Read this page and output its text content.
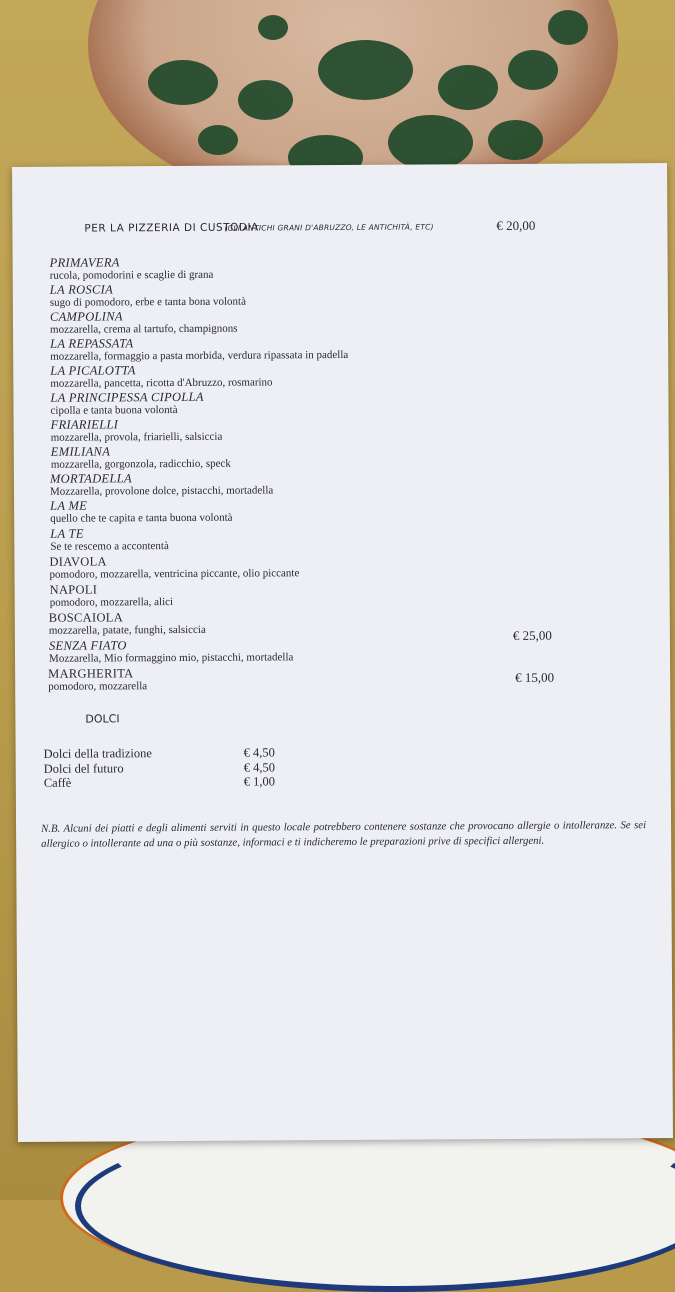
PER LA PIZZERIA DI CUSTODIA
(GLI ANTICHI GRANI D'ABRUZZO, LE ANTICHITÀ, ETC)	€ 20,00
PRIMAVERA
rucola, pomodorini e scaglie di grana
LA ROSCIA
sugo di pomodoro, erbe e tanta bona volontà
CAMPOLINA
mozzarella, crema al tartufo, champignons
LA REPASSATA
mozzarella, formaggio a pasta morbida, verdura ripassata in padella
LA PICALOTTA
mozzarella, pancetta, ricotta d'Abruzzo, rosmarino
LA PRINCIPESSA CIPOLLA
cipolla e tanta buona volontà
FRIARIELLI
mozzarella, provola, friarielli, salsiccia
EMILIANA
mozzarella, gorgonzola, radicchio, speck
MORTADELLA
Mozzarella, provolone dolce, pistacchi, mortadella
LA ME
quello che te capita e tanta buona volontà
LA TE
Se te rescemo a accontentà
DIAVOLA
pomodoro, mozzarella, ventricina piccante, olio piccante
NAPOLI
pomodoro, mozzarella, alici
BOSCAIOLA
mozzarella, patate, funghi, salsiccia
SENZA FIATO
Mozzarella, Mio formaggino mio, pistacchi, mortadella
€ 25,00
MARGHERITA
pomodoro, mozzarella
€ 15,00
DOLCI
Dolci della tradizione	€ 4,50
Dolci del futuro	€ 4,50
Caffè	€ 1,00
N.B. Alcuni dei piatti e degli alimenti serviti in questo locale potrebbero contenere sostanze che provocano allergie o intolleranze. Se sei allergico o intollerante ad una o più sostanze, informaci e ti indicheremo le preparazioni prive di specifici allergeni.
